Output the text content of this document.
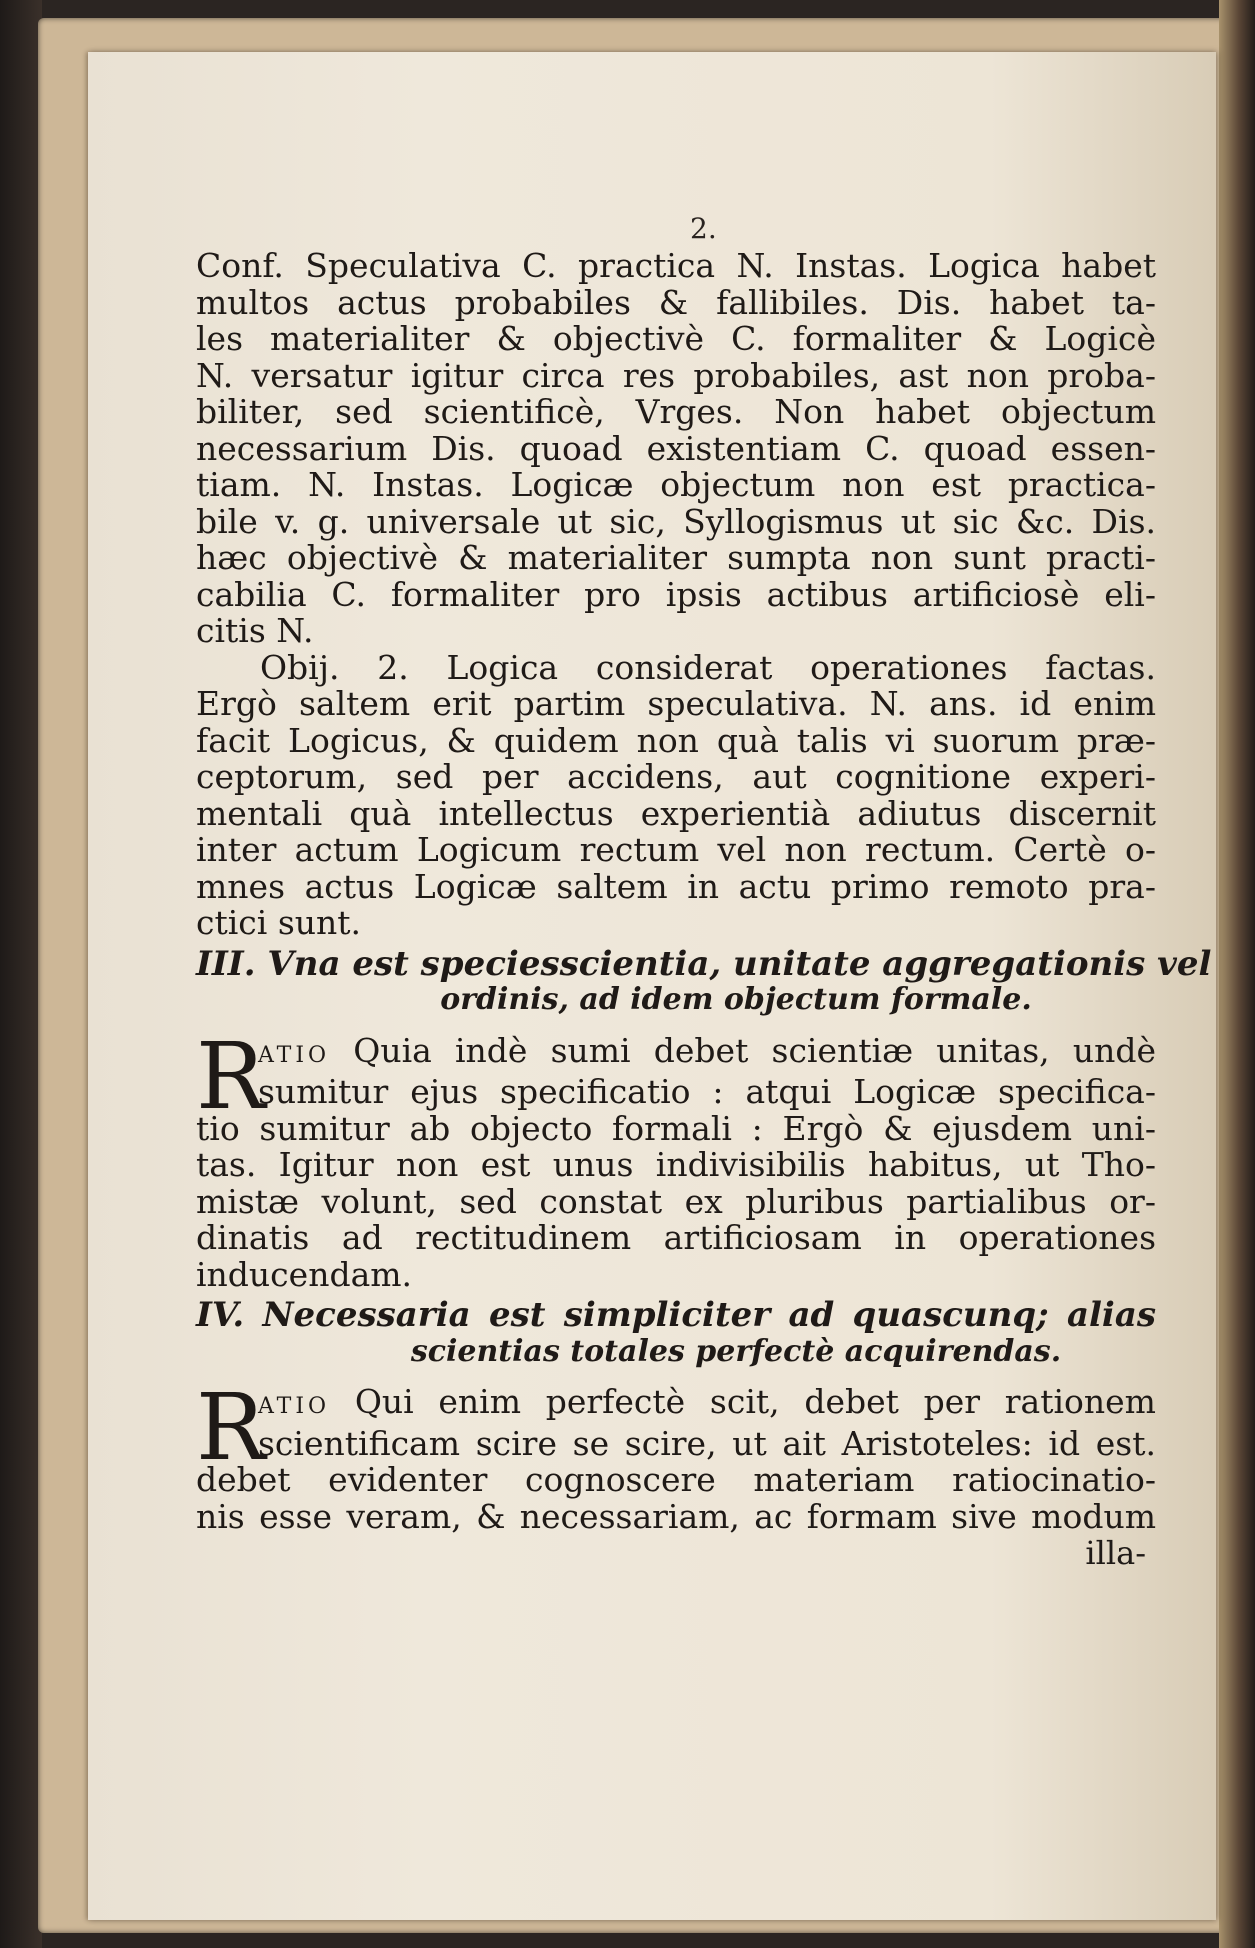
2.
Conf. Speculativa C. practica N. Instas. Logica habet
multos actus probabiles & fallibiles. Dis. habet ta-
les materialiter & objectivè C. formaliter & Logicè
N. versatur igitur circa res probabiles, ast non proba-
biliter, sed scientificè, Vrges. Non habet objectum
necessarium Dis. quoad existentiam C. quoad essen-
tiam. N. Instas. Logicæ objectum non est practica-
bile v. g. universale ut sic, Syllogismus ut sic &c. Dis.
hæc objectivè & materialiter sumpta non sunt practi-
cabilia C. formaliter pro ipsis actibus artificiosè eli-
citis N.
Obij. 2. Logica considerat operationes factas.
Ergò saltem erit partim speculativa. N. ans. id enim
facit Logicus, & quidem non quà talis vi suorum præ-
ceptorum, sed per accidens, aut cognitione experi-
mentali quà intellectus experientià adiutus discernit
inter actum Logicum rectum vel non rectum. Certè o-
mnes actus Logicæ saltem in actu primo remoto pra-
ctici sunt.
III. Vna est speciesscientia, unitate aggregationis vel
ordinis, ad idem objectum formale.
R
ATIO Quia indè sumi debet scientiæ unitas, undè
sumitur ejus specificatio : atqui Logicæ specifica-
tio sumitur ab objecto formali : Ergò & ejusdem uni-
tas. Igitur non est unus indivisibilis habitus, ut Tho-
mistæ volunt, sed constat ex pluribus partialibus or-
dinatis ad rectitudinem artificiosam in operationes
inducendam.
IV. Necessaria est simpliciter ad quascunq; alias
scientias totales perfectè acquirendas.
R
ATIO Qui enim perfectè scit, debet per rationem
scientificam scire se scire, ut ait Aristoteles: id est.
debet evidenter cognoscere materiam ratiocinatio-
nis esse veram, & necessariam, ac formam sive modum
illa-
